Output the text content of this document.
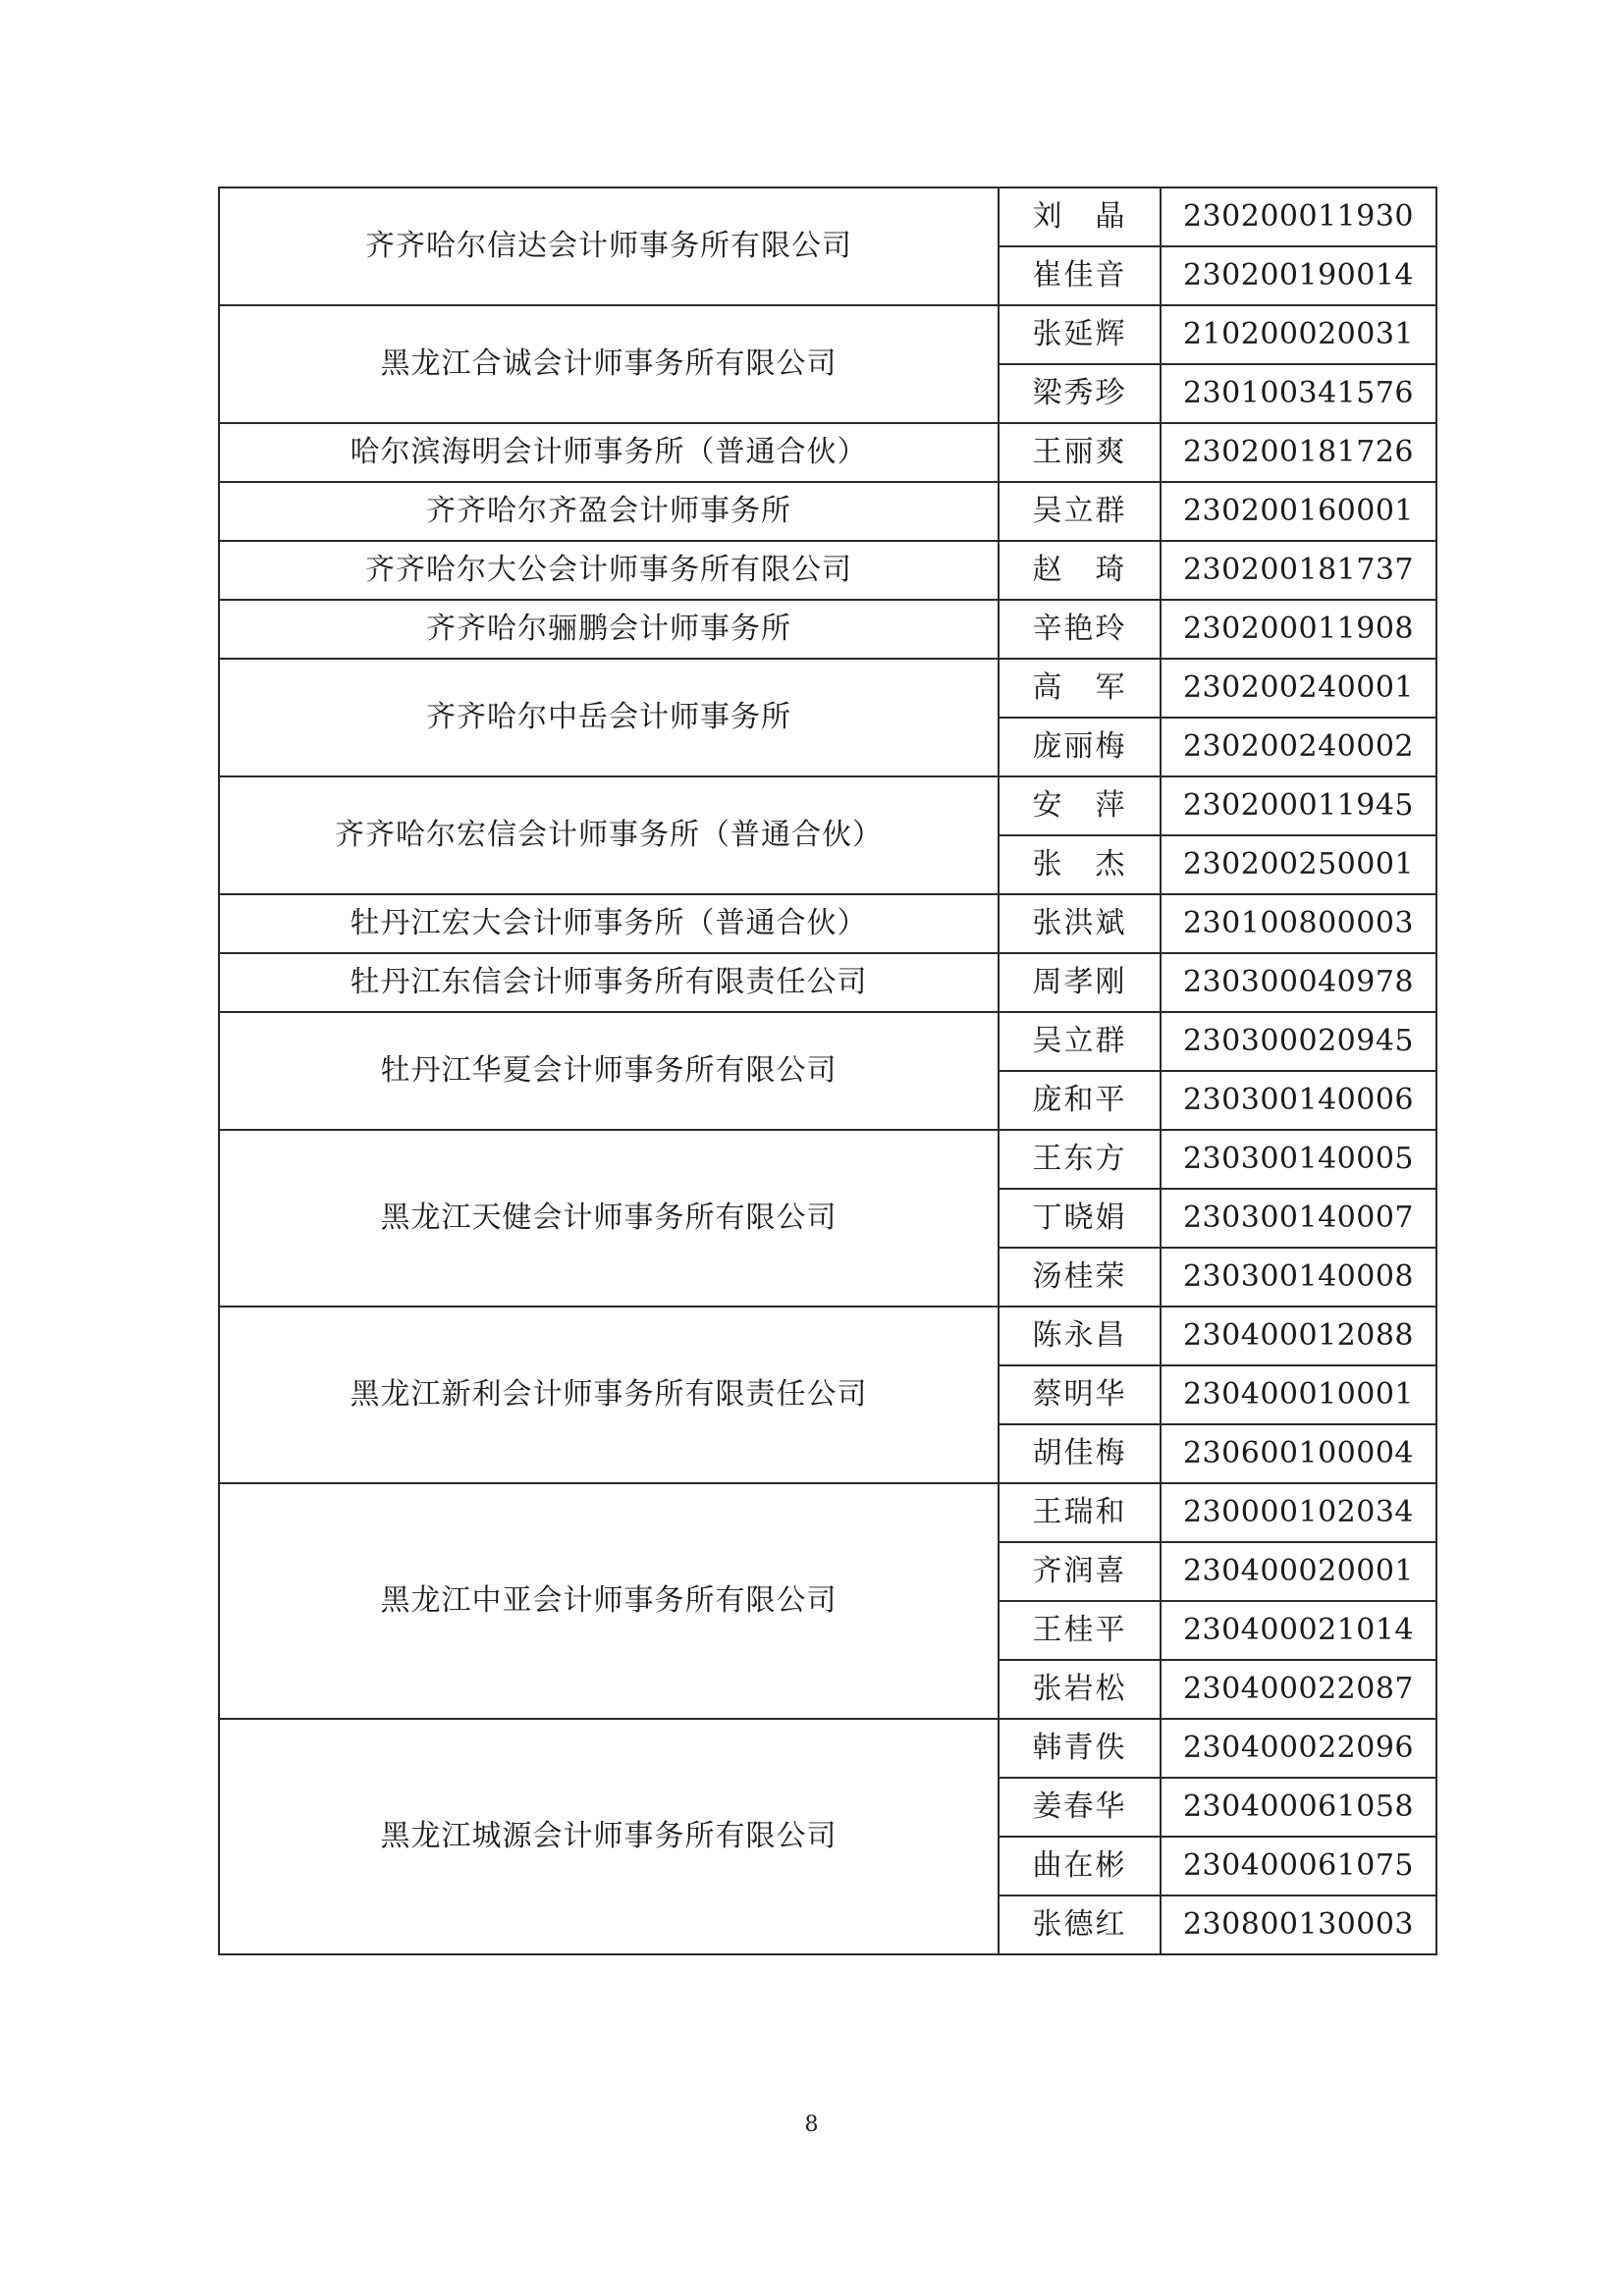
齐齐哈尔信达会计师事务所有限公司	刘　晶	230200011930
	崔佳音	230200190014
黑龙江合诚会计师事务所有限公司	张延辉	210200020031
	梁秀珍	230100341576
哈尔滨海明会计师事务所（普通合伙）	王丽爽	230200181726
齐齐哈尔齐盈会计师事务所	吴立群	230200160001
齐齐哈尔大公会计师事务所有限公司	赵　琦	230200181737
齐齐哈尔骊鹏会计师事务所	辛艳玲	230200011908
齐齐哈尔中岳会计师事务所	高　军	230200240001
	庞丽梅	230200240002
齐齐哈尔宏信会计师事务所（普通合伙）	安　萍	230200011945
	张　杰	230200250001
牡丹江宏大会计师事务所（普通合伙）	张洪斌	230100800003
牡丹江东信会计师事务所有限责任公司	周孝刚	230300040978
牡丹江华夏会计师事务所有限公司	吴立群	230300020945
	庞和平	230300140006
黑龙江天健会计师事务所有限公司	王东方	230300140005
	丁晓娟	230300140007
	汤桂荣	230300140008
黑龙江新利会计师事务所有限责任公司	陈永昌	230400012088
	蔡明华	230400010001
	胡佳梅	230600100004
黑龙江中亚会计师事务所有限公司	王瑞和	230000102034
	齐润喜	230400020001
	王桂平	230400021014
	张岩松	230400022087
黑龙江城源会计师事务所有限公司	韩青佚	230400022096
	姜春华	230400061058
	曲在彬	230400061075
	张德红	230800130003
8
